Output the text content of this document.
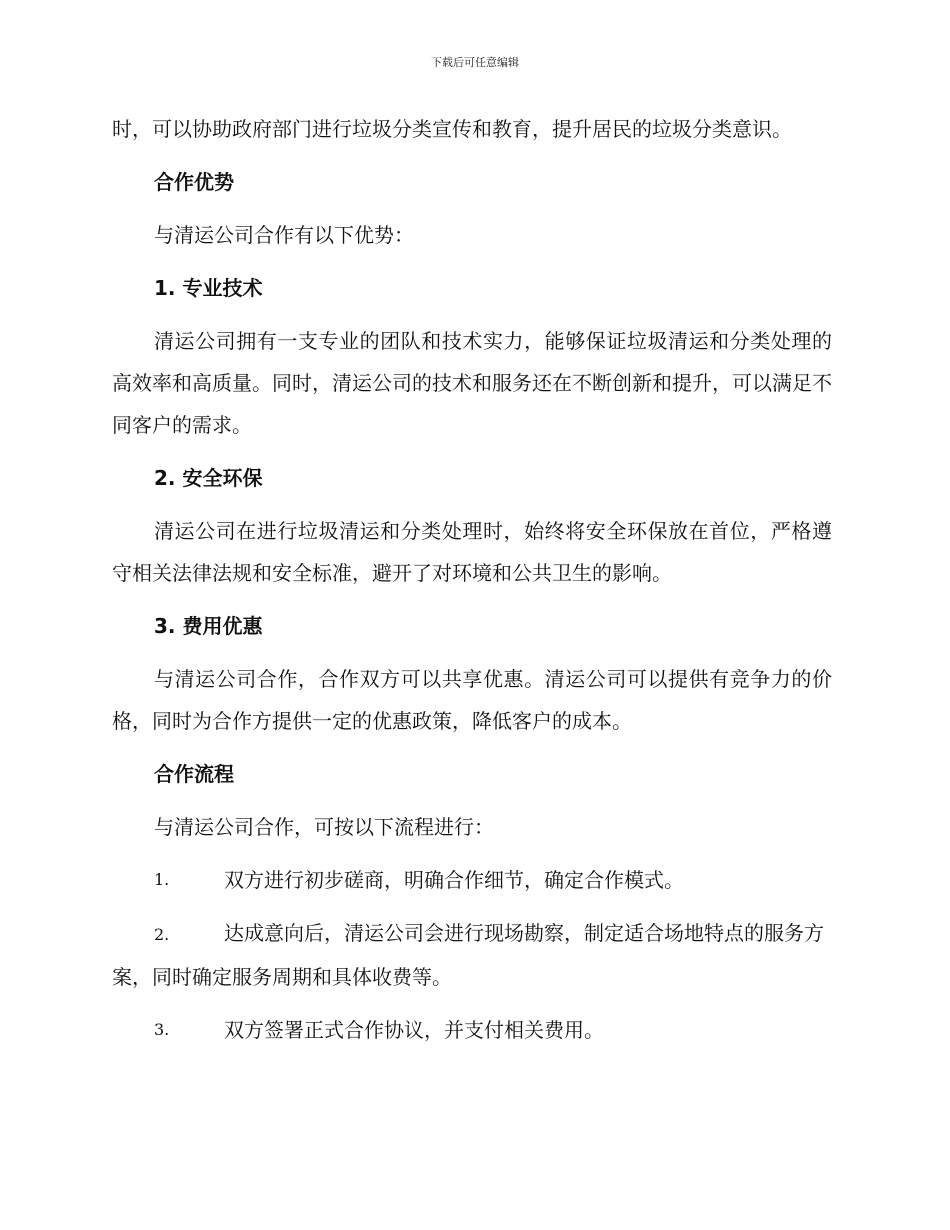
下载后可任意编辑

时，可以协助政府部门进行垃圾分类宣传和教育，提升居民的垃圾分类意识。

合作优势

与清运公司合作有以下优势：

1. 专业技术

清运公司拥有一支专业的团队和技术实力，能够保证垃圾清运和分类处理的高效率和高质量。同时，清运公司的技术和服务还在不断创新和提升，可以满足不同客户的需求。

2. 安全环保

清运公司在进行垃圾清运和分类处理时，始终将安全环保放在首位，严格遵守相关法律法规和安全标准，避开了对环境和公共卫生的影响。

3. 费用优惠

与清运公司合作，合作双方可以共享优惠。清运公司可以提供有竞争力的价格，同时为合作方提供一定的优惠政策，降低客户的成本。

合作流程

与清运公司合作，可按以下流程进行：

1.	双方进行初步磋商，明确合作细节，确定合作模式。

2.	达成意向后，清运公司会进行现场勘察，制定适合场地特点的服务方案，同时确定服务周期和具体收费等。

3.	双方签署正式合作协议，并支付相关费用。
